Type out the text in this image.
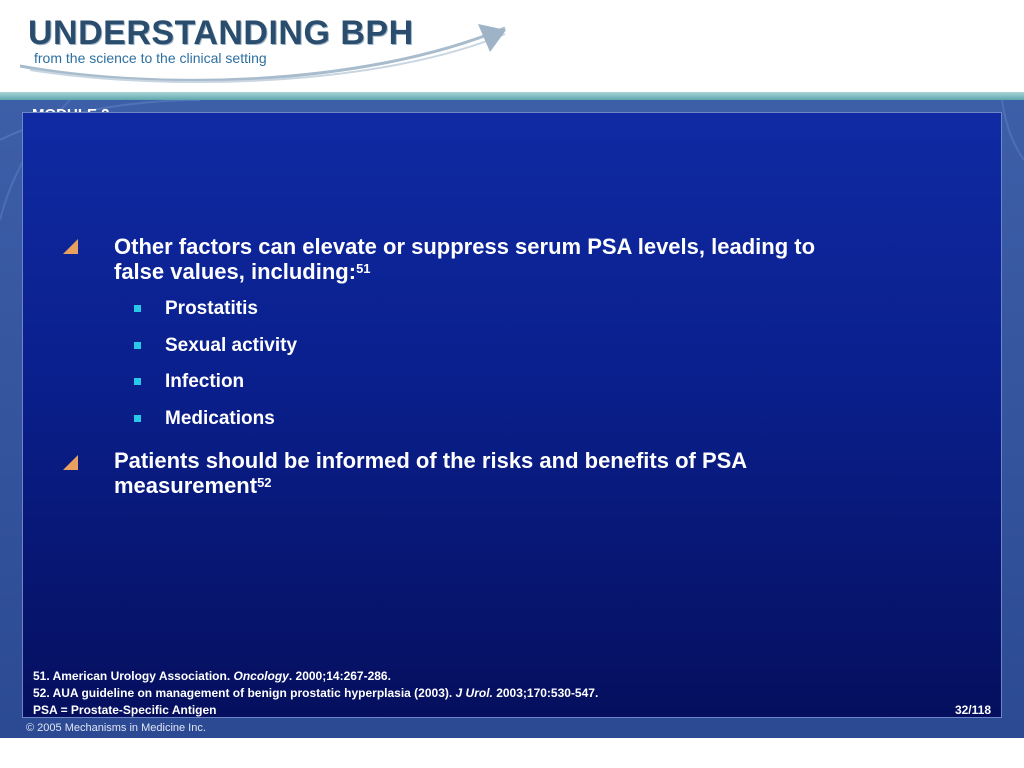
UNDERSTANDING BPH
from the science to the clinical setting
Other factors can elevate or suppress serum PSA levels, leading to
false values, including:$^{51}$
Prostatitis
Sexual activity
Infection
Medications
Patients should be informed of the risks and benefits of PSA
measurement$^{52}$
51. American Urology Association. Oncology. 2000;14:267-286.
52. AUA guideline on management of benign prostatic hyperplasia (2003). J Urol. 2003;170:530-547.
PSA = Prostate-Specific Antigen	32/118
© 2005 Mechanisms in Medicine Inc.
